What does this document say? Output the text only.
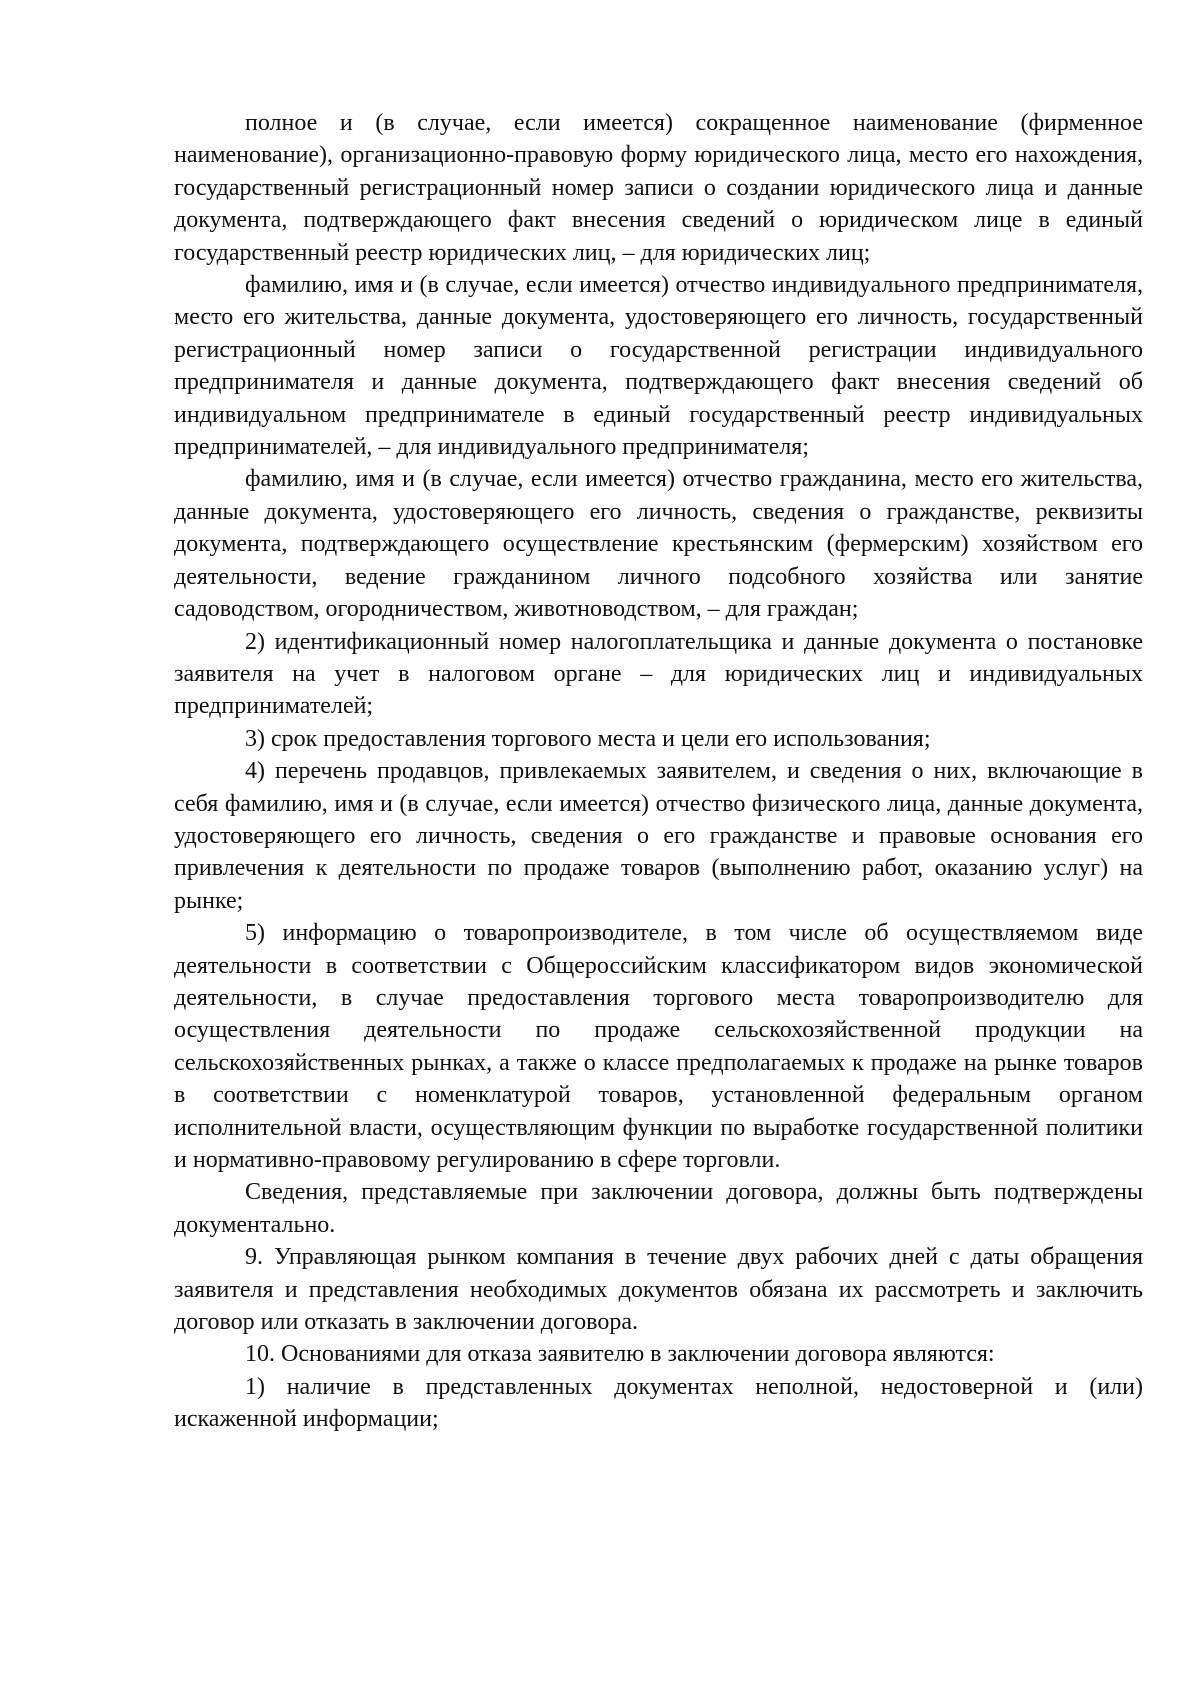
полное и (в случае, если имеется) сокращенное наименование (фирменное наименование), организационно-правовую форму юридического лица, место его нахождения, государственный регистрационный номер записи о создании юридического лица и данные документа, подтверждающего факт внесения сведений о юридическом лице в единый государственный реестр юридических лиц, – для юридических лиц;

фамилию, имя и (в случае, если имеется) отчество индивидуального предпринимателя, место его жительства, данные документа, удостоверяющего его личность, государственный регистрационный номер записи о государственной регистрации индивидуального предпринимателя и данные документа, подтверждающего факт внесения сведений об индивидуальном предпринимателе в единый государственный реестр индивидуальных предпринимателей, – для индивидуального предпринимателя;

фамилию, имя и (в случае, если имеется) отчество гражданина, место его жительства, данные документа, удостоверяющего его личность, сведения о гражданстве, реквизиты документа, подтверждающего осуществление крестьянским (фермерским) хозяйством его деятельности, ведение гражданином личного подсобного хозяйства или занятие садоводством, огородничеством, животноводством, – для граждан;

2) идентификационный номер налогоплательщика и данные документа о постановке заявителя на учет в налоговом органе – для юридических лиц и индивидуальных предпринимателей;

3) срок предоставления торгового места и цели его использования;

4) перечень продавцов, привлекаемых заявителем, и сведения о них, включающие в себя фамилию, имя и (в случае, если имеется) отчество физического лица, данные документа, удостоверяющего его личность, сведения о его гражданстве и правовые основания его привлечения к деятельности по продаже товаров (выполнению работ, оказанию услуг) на рынке;

5) информацию о товаропроизводителе, в том числе об осуществляемом виде деятельности в соответствии с Общероссийским классификатором видов экономической деятельности, в случае предоставления торгового места товаропроизводителю для осуществления деятельности по продаже сельскохозяйственной продукции на сельскохозяйственных рынках, а также о классе предполагаемых к продаже на рынке товаров в соответствии с номенклатурой товаров, установленной федеральным органом исполнительной власти, осуществляющим функции по выработке государственной политики и нормативно-правовому регулированию в сфере торговли.

Сведения, представляемые при заключении договора, должны быть подтверждены документально.

9. Управляющая рынком компания в течение двух рабочих дней с даты обращения заявителя и представления необходимых документов обязана их рассмотреть и заключить договор или отказать в заключении договора.

10. Основаниями для отказа заявителю в заключении договора являются:

1) наличие в представленных документах неполной, недостоверной и (или) искаженной информации;
